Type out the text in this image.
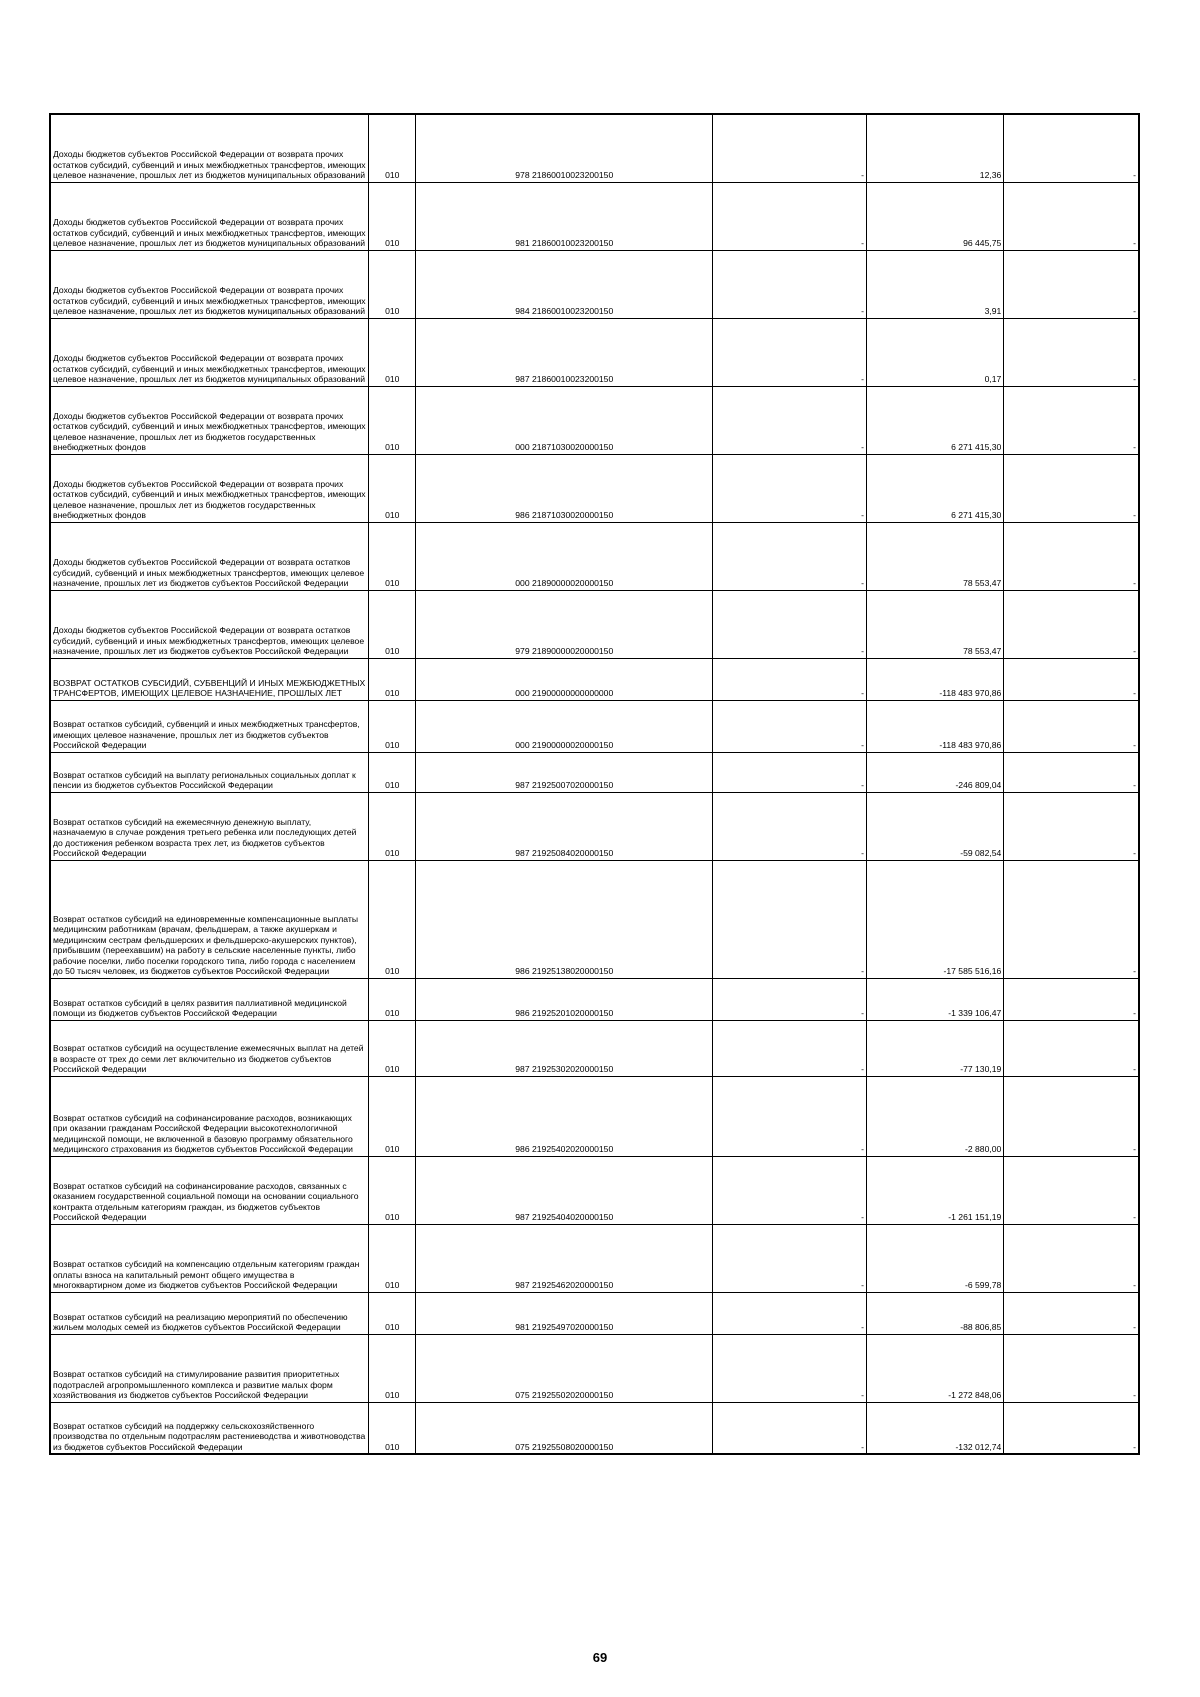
Доходы бюджетов субъектов Российской Федерации от возврата прочих остатков субсидий, субвенций и иных межбюджетных трансфертов, имеющих целевое назначение, прошлых лет из бюджетов муниципальных образований	010	978 21860010023200150	-	12,36	-
Доходы бюджетов субъектов Российской Федерации от возврата прочих остатков субсидий, субвенций и иных межбюджетных трансфертов, имеющих целевое назначение, прошлых лет из бюджетов муниципальных образований	010	981 21860010023200150	-	96 445,75	-
Доходы бюджетов субъектов Российской Федерации от возврата прочих остатков субсидий, субвенций и иных межбюджетных трансфертов, имеющих целевое назначение, прошлых лет из бюджетов муниципальных образований	010	984 21860010023200150	-	3,91	-
Доходы бюджетов субъектов Российской Федерации от возврата прочих остатков субсидий, субвенций и иных межбюджетных трансфертов, имеющих целевое назначение, прошлых лет из бюджетов муниципальных образований	010	987 21860010023200150	-	0,17	-
Доходы бюджетов субъектов Российской Федерации от возврата прочих остатков субсидий, субвенций и иных межбюджетных трансфертов, имеющих целевое назначение, прошлых лет из бюджетов государственных внебюджетных фондов	010	000 21871030020000150	-	6 271 415,30	-
Доходы бюджетов субъектов Российской Федерации от возврата прочих остатков субсидий, субвенций и иных межбюджетных трансфертов, имеющих целевое назначение, прошлых лет из бюджетов государственных внебюджетных фондов	010	986 21871030020000150	-	6 271 415,30	-
Доходы бюджетов субъектов Российской Федерации от возврата остатков субсидий, субвенций и иных межбюджетных трансфертов, имеющих целевое назначение, прошлых лет из бюджетов субъектов Российской Федерации	010	000 21890000020000150	-	78 553,47	-
Доходы бюджетов субъектов Российской Федерации от возврата остатков субсидий, субвенций и иных межбюджетных трансфертов, имеющих целевое назначение, прошлых лет из бюджетов субъектов Российской Федерации	010	979 21890000020000150	-	78 553,47	-
ВОЗВРАТ ОСТАТКОВ СУБСИДИЙ, СУБВЕНЦИЙ И ИНЫХ МЕЖБЮДЖЕТНЫХ ТРАНСФЕРТОВ, ИМЕЮЩИХ ЦЕЛЕВОЕ НАЗНАЧЕНИЕ, ПРОШЛЫХ ЛЕТ	010	000 21900000000000000	-	-118 483 970,86	-
Возврат остатков субсидий, субвенций и иных межбюджетных трансфертов, имеющих целевое назначение, прошлых лет из бюджетов субъектов Российской Федерации	010	000 21900000020000150	-	-118 483 970,86	-
Возврат остатков субсидий на выплату региональных социальных доплат к пенсии из бюджетов субъектов Российской Федерации	010	987 21925007020000150	-	-246 809,04	-
Возврат остатков субсидий на ежемесячную денежную выплату, назначаемую в случае рождения третьего ребенка или последующих детей до достижения ребенком возраста трех лет, из бюджетов субъектов Российской Федерации	010	987 21925084020000150	-	-59 082,54	-
Возврат остатков субсидий на единовременные компенсационные выплаты медицинским работникам (врачам, фельдшерам, а также акушеркам и медицинским сестрам фельдшерских и фельдшерско-акушерских пунктов), прибывшим (переехавшим) на работу в сельские населенные пункты, либо рабочие поселки, либо поселки городского типа, либо города с населением до 50 тысяч человек, из бюджетов субъектов Российской Федерации	010	986 21925138020000150	-	-17 585 516,16	-
Возврат остатков субсидий в целях развития паллиативной медицинской помощи из бюджетов субъектов Российской Федерации	010	986 21925201020000150	-	-1 339 106,47	-
Возврат остатков субсидий на осуществление ежемесячных выплат на детей в возрасте от трех до семи лет включительно из бюджетов субъектов Российской Федерации	010	987 21925302020000150	-	-77 130,19	-
Возврат остатков субсидий на софинансирование расходов, возникающих при оказании гражданам Российской Федерации высокотехнологичной медицинской помощи, не включенной в базовую программу обязательного медицинского страхования из бюджетов субъектов Российской Федерации	010	986 21925402020000150	-	-2 880,00	-
Возврат остатков субсидий на софинансирование расходов, связанных с оказанием государственной социальной помощи на основании социального контракта отдельным категориям граждан, из бюджетов субъектов Российской Федерации	010	987 21925404020000150	-	-1 261 151,19	-
Возврат остатков субсидий на компенсацию отдельным категориям граждан оплаты взноса на капитальный ремонт общего имущества в многоквартирном доме из бюджетов субъектов Российской Федерации	010	987 21925462020000150	-	-6 599,78	-
Возврат остатков субсидий на реализацию мероприятий по обеспечению жильем молодых семей из бюджетов субъектов Российской Федерации	010	981 21925497020000150	-	-88 806,85	-
Возврат остатков субсидий на стимулирование развития приоритетных подотраслей агропромышленного комплекса и развитие малых форм хозяйствования из бюджетов субъектов Российской Федерации	010	075 21925502020000150	-	-1 272 848,06	-
Возврат остатков субсидий на поддержку сельскохозяйственного производства по отдельным подотраслям растениеводства и животноводства из бюджетов субъектов Российской Федерации	010	075 21925508020000150	-	-132 012,74	-
69
